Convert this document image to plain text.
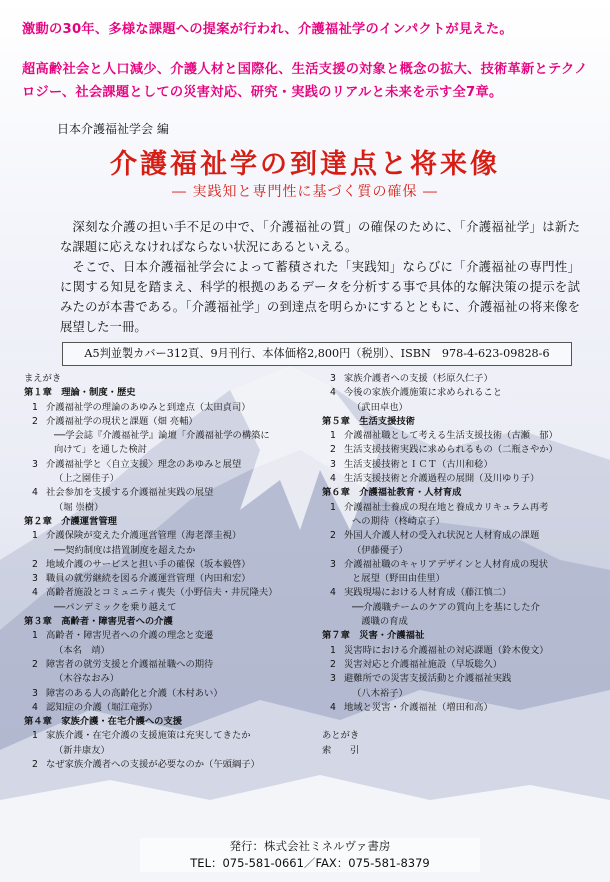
激動の30年、多様な課題への提案が行われ、介護福祉学のインパクトが見えた。
超高齢社会と人口減少、介護人材と国際化、生活支援の対象と概念の拡大、技術革新とテクノロジー、社会課題としての災害対応、研究・実践のリアルと未来を示す全7章。
日本介護福祉学会 編
介護福祉学の到達点と将来像
― 実践知と専門性に基づく質の確保 ―

深刻な介護の担い手不足の中で、「介護福祉の質」の確保のために、「介護福祉学」は新たな課題に応えなければならない状況にあるといえる。

そこで、日本介護福祉学会によって蓄積された「実践知」ならびに「介護福祉の専門性」に関する知見を踏まえ、科学的根拠のあるデータを分析する事で具体的な解決策の提示を試みたのが本書である。「介護福祉学」の到達点を明らかにするとともに、介護福祉の将来像を展望した一冊。

A5判並製カバー312頁、9月刊行、本体価格2,800円（税別）、ISBN　978-4-623-09828-6
まえがき
第１章　理論・制度・歴史
1 介護福祉学の理論のあゆみと到達点（太田貞司）
2 介護福祉学の現状と課題（畑 亮輔）
──学会誌『介護福祉学』論壇「介護福祉学の構築に
向けて」を通した検討
3 介護福祉学と〈自立支援〉理念のあゆみと展望
（上之園佳子）
4 社会参加を支援する介護福祉実践の展望
（堀 崇樹）
第２章　介護運営管理
1 介護保険が変えた介護運営管理（海老澤圭視）
──契約制度は措置制度を超えたか
2 地域介護のサービスと担い手の確保（坂本毅啓）
3 職員の就労継続を図る介護運営管理（内田和宏）
4 高齢者施設とコミュニティ喪失（小野信夫・井尻隆夫）
──パンデミックを乗り越えて
第３章　高齢者・障害児者への介護
1 高齢者・障害児者への介護の理念と変遷
（本名　靖）
2 障害者の就労支援と介護福祉職への期待
（木谷なおみ）
3 障害のある人の高齢化と介護（木村あい）
4 認知症の介護（堀江竜弥）
第４章　家族介護・在宅介護への支援
1 家族介護・在宅介護の支援施策は充実してきたか
（新井康友）
2 なぜ家族介護者への支援が必要なのか（午頭綱子）
3 家族介護者への支援（杉原久仁子）
4 今後の家族介護施策に求められること
（武田卓也）
第５章　生活支援技術
1 介護福祉職として考える生活支援技術（古瀬　郁）
2 生活支援技術実践に求められるもの（二瓶さやか）
3 生活支援技術とＩＣＴ（古川和稔）
4 生活支援技術と介護過程の展開（及川ゆり子）
第６章　介護福祉教育・人材育成
1 介護福祉士養成の現在地と養成カリキュラム再考
への期待（柊崎京子）
2 外国人介護人材の受入れ状況と人材育成の課題
（伊藤優子）
3 介護福祉職のキャリアデザインと人材育成の現状
と展望（野田由佳里）
4 実践現場における人材育成（藤江慎二）
──介護職チームのケアの質向上を基にした介
　護職の育成
第７章　災害・介護福祉
1 災害時における介護福祉の対応課題（鈴木俊文）
2 災害対応と介護福祉施設（早坂聡久）
3 避難所での災害支援活動と介護福祉実践
（八木裕子）
4 地域と災害・介護福祉（増田和高）

あとがき
索　　引
発行：株式会社ミネルヴァ書房
TEL：075-581-0661／FAX：075-581-8379
